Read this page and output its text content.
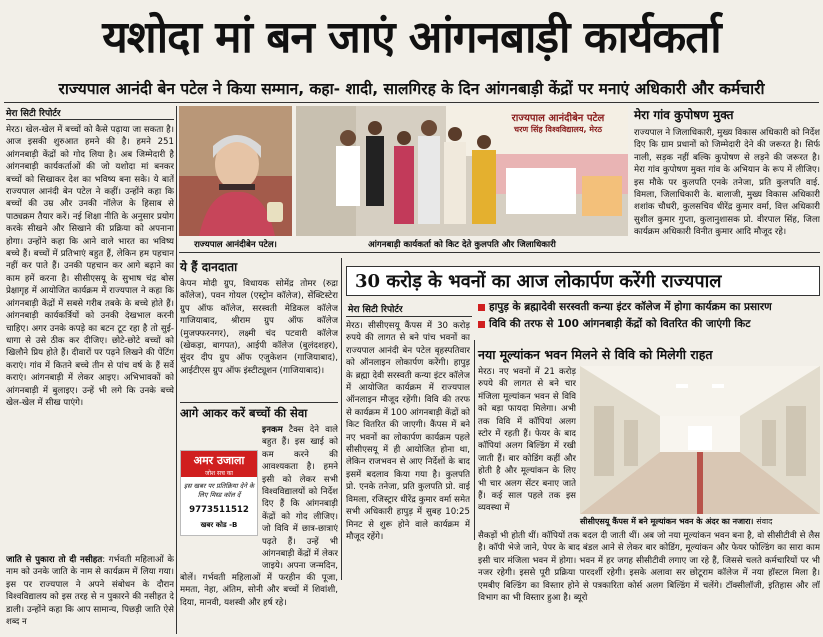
यशोदा मां बन जाएं आंगनबाड़ी कार्यकर्ता
राज्यपाल आनंदी बेन पटेल ने किया सम्मान, कहा- शादी, सालगिरह के दिन आंगनबाड़ी केंद्रों पर मनाएं अधिकारी और कर्मचारी
मेरा सिटी रिपोर्टर
मेरठ। खेल-खेल में बच्चों को कैसे पढ़ाया जा सकता है। आज इसकी शुरुआत हमने की है। हमने 251 आंगनबाड़ी केंद्रों को गोद लिया है। अब जिम्मेदारी है आंगनबाड़ी कार्यकर्ताओं की जो यशोदा मां बनकर बच्चों को सिखाकर देश का भविष्य बना सके। ये बातें राज्यपाल आनंदी बेन पटेल ने कहीं। उन्होंने कहा कि बच्चों की उम्र और उनकी नॉलेज के हिसाब से पाठ्यक्रम तैयार करें। नई शिक्षा नीति के अनुसार प्रयोग करके सीखने और सिखाने की प्रक्रिया को अपनाना होगा। उन्होंने कहा कि आने वाले भारत का भविष्य बच्चे हैं। बच्चों में प्रतिभाएं बहुत हैं, लेकिन हम पहचान नहीं कर पाते हैं। उनकी पहचान कर आगे बढ़ाने का काम हमें करना है। सीसीएसयू के सुभाष चंद्र बोस प्रेक्षागृह में आयोजित कार्यक्रम में राज्यपाल ने कहा कि आंगनबाड़ी केंद्रों में सबसे गरीब तबके के बच्चे होते हैं। आंगनबाड़ी कार्यकर्त्रियों को उनकी देखभाल करनी चाहिए। अगर उनके कपड़े का बटन टूट रहा है तो सुई-धागा से उसे ठीक कर दीजिए। छोटे-छोटे बच्चों को खिलौने प्रिय होते हैं। दीवारों पर पढ़ने लिखने की पेंटिंग कराएं। गांव में कितने बच्चे तीन से पांच वर्ष के हैं सर्वे कराएं। आंगनबाड़ी में लेकर आइए। अभिभावकों को आंगनबाड़ी में बुलाइए। उन्हें भी लगे कि उनके बच्चे खेल-खेल में सीख पाएंगे।
जाति से पुकारा तो दी नसीहत: गर्भवती महिलाओं के नाम को उनके जाति के नाम से कार्यक्रम में लिया गया। इस पर राज्यपाल ने अपने संबोधन के दौरान विश्वविद्यालय को इस तरह से न पुकारने की नसीहत दे डाली। उन्होंने कहा कि आप सामान्य, पिछड़ी जाति ऐसे शब्द न
राज्यपाल आनंदीबेन पटेल।
राज्यपाल आनंदीबेन पटेल
चरण सिंह विश्वविद्यालय, मेरठ
आंगनबाड़ी कार्यकर्ता को किट देते कुलपति और जिलाधिकारी
मेरा गांव कुपोषण मुक्त
राज्यपाल ने जिलाधिकारी, मुख्य विकास अधिकारी को निर्देश दिए कि ग्राम प्रधानों को जिम्मेदारी देने की जरूरत है। सिर्फ नाली, सड़क नहीं बल्कि कुपोषण से लड़ने की जरूरत है। मेरा गांव कुपोषण मुक्त गांव के अभियान के रूप में लीजिए। इस मौके पर कुलपति एनके तनेजा, प्रति कुलपति वाई. विमला, जिलाधिकारी के. बालाजी, मुख्य विकास अधिकारी शशांक चौधरी, कुलसचिव धीरेंद्र कुमार वर्मा, वित्त अधिकारी सुशील कुमार गुप्ता, कुलानुशासक प्रो. वीरपाल सिंह, जिला कार्यक्रम अधिकारी विनीत कुमार आदि मौजूद रहे।
ये हैं दानदाता
केपन मोदी ग्रुप, विधायक सोमेंद्र तोमर (रुद्रा कॉलेज), पवन गोयल (एस्ट्रोन कॉलेज), सेंक्टिस्टेरा ग्रुप ऑफ कॉलेज, सरस्वती मेडिकल कॉलेज गाजियाबाद, श्रीराम ग्रुप ऑफ कॉलेज (मुजफ्फरनगर), लक्ष्मी चंद पटवारी कॉलेज (खेकड़ा, बागपत), आईपी कॉलेज (बुलंदशहर), सुंदर दीप ग्रुप ऑफ एजुकेशन (गाजियाबाद), आईटीएस ग्रुप ऑफ इंस्टीट्यूशन (गाजियाबाद)।
आगे आकर करें बच्चों की सेवा
इनकम टैक्स देने वाले बहुत हैं। इस खाई को कम करने की आवश्यकता है। हमने इसी को लेकर सभी विश्वविद्यालयों को निर्देश दिए हैं कि आंगनबाड़ी केंद्रों को गोद लीजिए। जो विवि में छात्र-छात्राएं पढ़ते हैं। उन्हें भी आंगनबाड़ी केंद्रों में लेकर जाइये। अपना जन्मदिन,
अमर उजाला
जोश सच का
इस खबर पर प्रतिक्रिया देने के
लिए मिस्ड कॉल दें
9773511512
खबर कोड -B
बोलें। गर्भवती महिलाओं में फरहीन की पूजा, ममता, नेहा, अंतिम, सोनी और बच्चों में शिवांशी, दिया, मानवी, यशस्वी और हर्ष रहे।
30 करोड़ के भवनों का आज लोकार्पण करेंगी राज्यपाल
मेरा सिटी रिपोर्टर	हापुड़ के ब्रह्मादेवी सरस्वती कन्या इंटर कॉलेज में होगा कार्यक्रम का प्रसारण
विवि की तरफ से 100 आंगनबाड़ी केंद्रों को वितरित की जाएंगी किट
मेरठ। सीसीएसयू कैंपस में 30 करोड़ रुपये की लागत से बने पांच भवनों का राज्यपाल आनंदी बेन पटेल बृहस्पतिवार को ऑनलाइन लोकार्पण करेंगी। हापुड़ के ब्रह्मा देवी सरस्वती कन्या इंटर कॉलेज में आयोजित कार्यक्रम में राज्यपाल ऑनलाइन मौजूद रहेंगी। विवि की तरफ से कार्यक्रम में 100 आंगनबाड़ी केंद्रों को किट वितरित की जाएगी। कैंपस में बने नए भवनों का लोकार्पण कार्यक्रम पहले सीसीएसयू में ही आयोजित होना था, लेकिन राजभवन से आए निर्देशों के बाद इसमें बदलाव किया गया है। कुलपति प्रो. एनके तनेजा, प्रति कुलपति प्रो. वाई विमला, रजिस्ट्रार धीरेंद्र कुमार वर्मा समेत सभी अधिकारी हापुड़ में सुबह 10:25 मिनट से शुरू होने वाले कार्यक्रम में मौजूद रहेंगे।
नया मूल्यांकन भवन मिलने से विवि को मिलेगी राहत
मेरठ। नए भवनों में 21 करोड़ रुपये की लागत से बने चार मंजिला मूल्यांकन भवन से विवि को बड़ा फायदा मिलेगा। अभी तक विवि में कॉपियां अलग स्टोर में रहती हैं। फेयर के बाद कॉपियां अलग बिल्डिंग में रखी जाती हैं। बार कोडिंग कहीं और होती है और मूल्यांकन के लिए भी चार अलग सेंटर बनाए जाते हैं। कई साल पहले तक इस व्यवस्था में
सीसीएसयू कैंपस में बने मूल्यांकन भवन के अंदर का नजारा। संवाद
सैकड़ों भी होती थीं। कॉपियों तक बदल दी जाती थीं। अब जो नया मूल्यांकन भवन बना है, वो सीसीटीवी से लैस है। कॉपी भेजे जाने, पेपर के बाद बंडल आने से लेकर बार कोडिंग, मूल्यांकन और फेयर फोल्डिंग का सारा काम इसी चार मंजिला भवन में होगा। भवन में हर जगह सीसीटीवी लगाए जा रहे हैं, जिससे चलते कर्मचारियों पर भी नजर रहेगी। इससे पूरी प्रक्रिया पारदर्शी रहेगी। इसके अलावा सर छोटूराम कॉलेज में नया हॉस्टल मिला है। एमबीए बिल्डिंग का विस्तार होने से पत्रकारिता कोर्स अलग बिल्डिंग में चलेंगे। टॉक्सीलॉजी, इतिहास और लॉ विभाग का भी विस्तार हुआ है। ब्यूरो
